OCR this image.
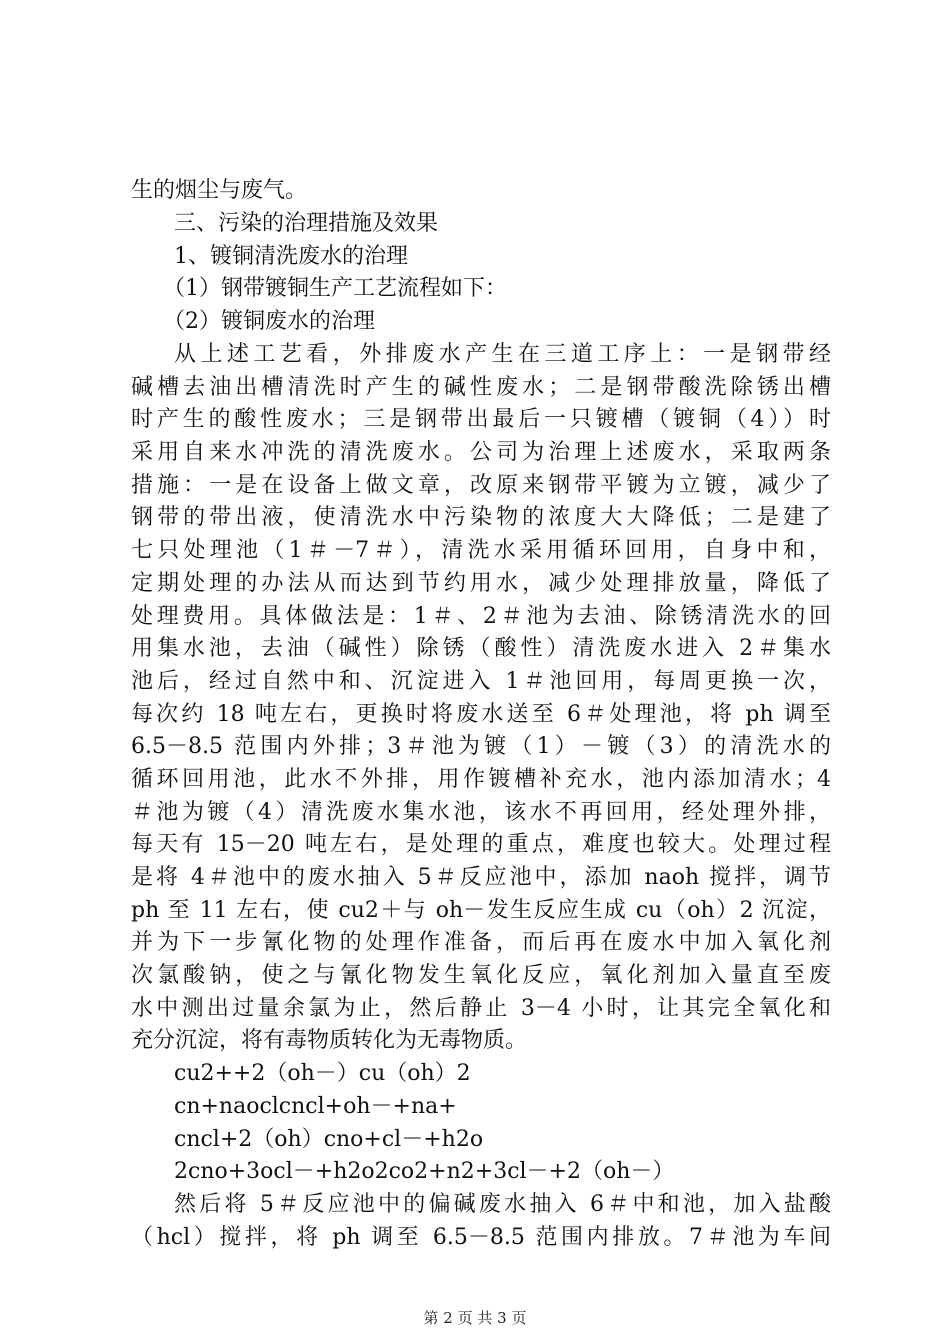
生的烟尘与废气。
三、污染的治理措施及效果
1、镀铜清洗废水的治理
（1）钢带镀铜生产工艺流程如下：
（2）镀铜废水的治理
从上述工艺看，外排废水产生在三道工序上：一是钢带经
碱槽去油出槽清洗时产生的碱性废水；二是钢带酸洗除锈出槽
时产生的酸性废水；三是钢带出最后一只镀槽（镀铜（4））时
采用自来水冲洗的清洗废水。公司为治理上述废水，采取两条
措施：一是在设备上做文章，改原来钢带平镀为立镀，减少了
钢带的带出液，使清洗水中污染物的浓度大大降低；二是建了
七只处理池（1＃－7＃），清洗水采用循环回用，自身中和，
定期处理的办法从而达到节约用水，减少处理排放量，降低了
处理费用。具体做法是：1＃、2＃池为去油、除锈清洗水的回
用集水池，去油（碱性）除锈（酸性）清洗废水进入 2＃集水
池后，经过自然中和、沉淀进入 1＃池回用，每周更换一次，
每次约 18 吨左右，更换时将废水送至 6＃处理池，将 ph 调至
6.5－8.5 范围内外排；3＃池为镀（1）－镀（3）的清洗水的
循环回用池，此水不外排，用作镀槽补充水，池内添加清水；4
＃池为镀（4）清洗废水集水池，该水不再回用，经处理外排，
每天有 15－20 吨左右，是处理的重点，难度也较大。处理过程
是将 4＃池中的废水抽入 5＃反应池中，添加 naoh 搅拌，调节
ph 至 11 左右，使 cu2＋与 oh－发生反应生成 cu（oh）2 沉淀，
并为下一步氰化物的处理作准备，而后再在废水中加入氧化剂
次氯酸钠，使之与氰化物发生氧化反应，氧化剂加入量直至废
水中测出过量余氯为止，然后静止 3－4 小时，让其完全氧化和
充分沉淀，将有毒物质转化为无毒物质。
cu2++2（oh－）cu（oh）2
cn+naoclcncl+oh－+na+
cncl+2（oh）cno+cl－+h2o
2cno+3ocl－+h2o2co2+n2+3cl－+2（oh－）
然后将 5＃反应池中的偏碱废水抽入 6＃中和池，加入盐酸
（hcl）搅拌，将 ph 调至 6.5－8.5 范围内排放。7＃池为车间
第 2 页 共 3 页
